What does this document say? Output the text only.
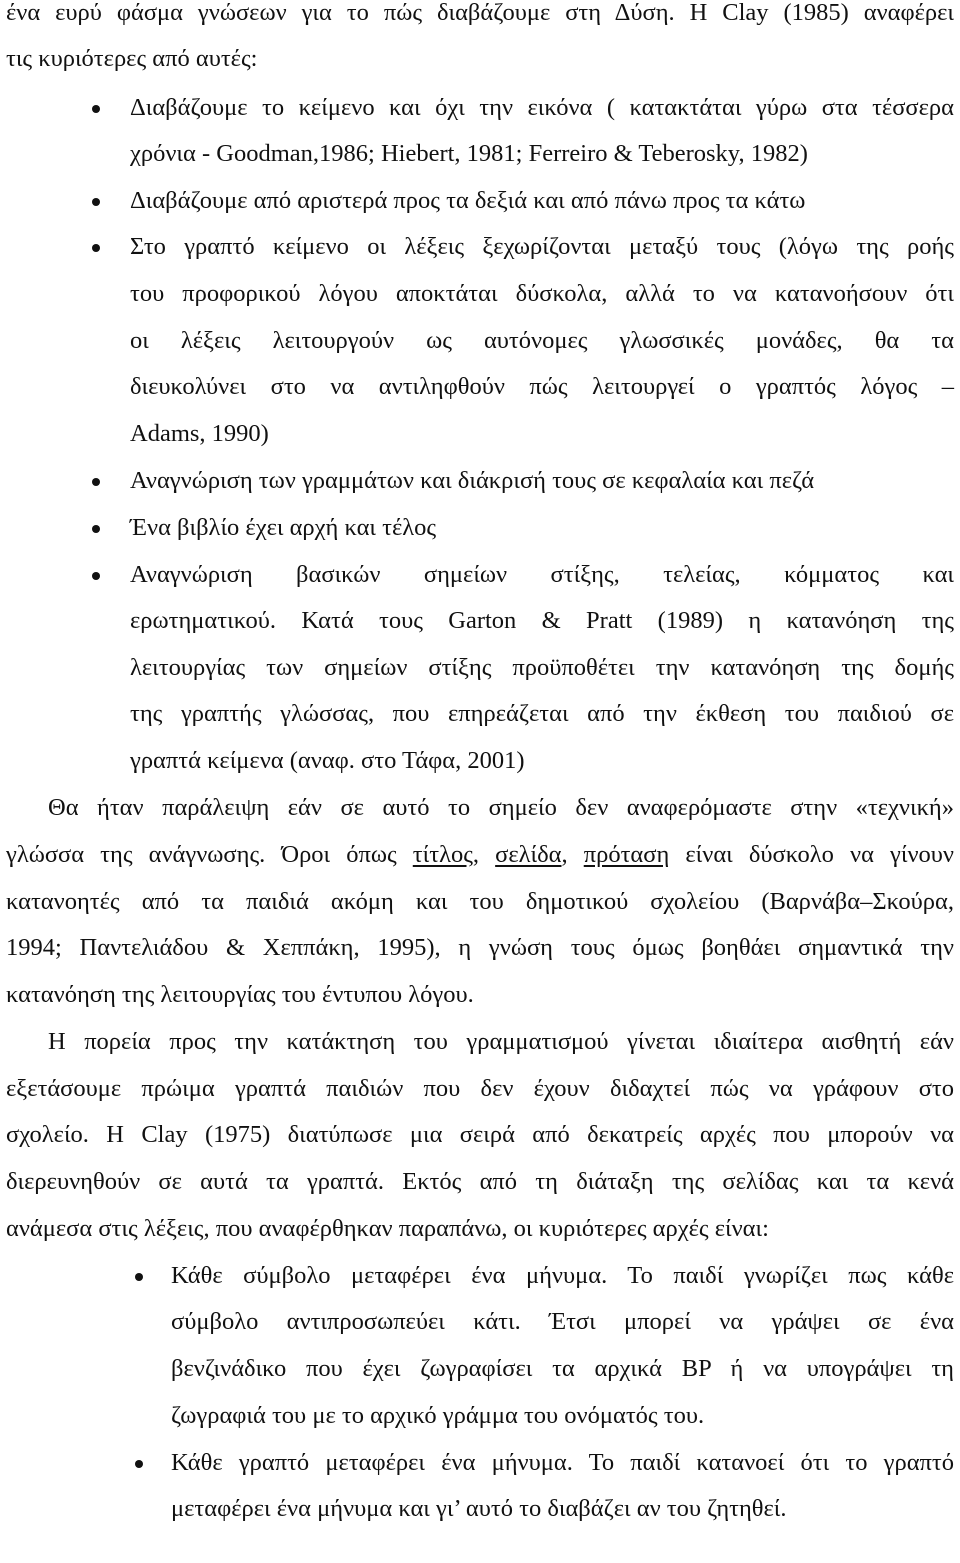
ένα ευρύ φάσμα γνώσεων για το πώς διαβάζουμε στη Δύση. Η Clay (1985) αναφέρει
τις κυριότερες από αυτές:
Διαβάζουμε το κείμενο και όχι την εικόνα ( κατακτάται γύρω στα τέσσερα
χρόνια - Goodman,1986; Hiebert, 1981; Ferreiro & Teberosky, 1982)
Διαβάζουμε από αριστερά προς τα δεξιά και από πάνω προς τα κάτω
Στο γραπτό κείμενο οι λέξεις ξεχωρίζονται μεταξύ τους (λόγω της ροής
του προφορικού λόγου αποκτάται δύσκολα, αλλά το να κατανοήσουν ότι
οι λέξεις λειτουργούν ως αυτόνομες γλωσσικές μονάδες, θα τα
διευκολύνει στο να αντιληφθούν πώς λειτουργεί ο γραπτός λόγος –
Adams, 1990)
Αναγνώριση των γραμμάτων και διάκρισή τους σε κεφαλαία και πεζά
Ένα βιβλίο έχει αρχή και τέλος
Αναγνώριση βασικών σημείων στίξης, τελείας, κόμματος και
ερωτηματικού. Κατά τους Garton & Pratt (1989) η κατανόηση της
λειτουργίας των σημείων στίξης προϋποθέτει την κατανόηση της δομής
της γραπτής γλώσσας, που επηρεάζεται από την έκθεση του παιδιού σε
γραπτά κείμενα (αναφ. στο Τάφα, 2001)
Θα ήταν παράλειψη εάν σε αυτό το σημείο δεν αναφερόμαστε στην «τεχνική»
γλώσσα της ανάγνωσης. Όροι όπως τίτλος, σελίδα, πρόταση είναι δύσκολο να γίνουν
κατανοητές από τα παιδιά ακόμη και του δημοτικού σχολείου (Βαρνάβα–Σκούρα,
1994; Παντελιάδου & Χεππάκη, 1995), η γνώση τους όμως βοηθάει σημαντικά την
κατανόηση της λειτουργίας του έντυπου λόγου.
Η πορεία προς την κατάκτηση του γραμματισμού γίνεται ιδιαίτερα αισθητή εάν
εξετάσουμε πρώιμα γραπτά παιδιών που δεν έχουν διδαχτεί πώς να γράφουν στο
σχολείο. Η Clay (1975) διατύπωσε μια σειρά από δεκατρείς αρχές που μπορούν να
διερευνηθούν σε αυτά τα γραπτά. Εκτός από τη διάταξη της σελίδας και τα κενά
ανάμεσα στις λέξεις, που αναφέρθηκαν παραπάνω, οι κυριότερες αρχές είναι:
Κάθε σύμβολο μεταφέρει ένα μήνυμα. Το παιδί γνωρίζει πως κάθε
σύμβολο αντιπροσωπεύει κάτι. Έτσι μπορεί να γράψει σε ένα
βενζινάδικο που έχει ζωγραφίσει τα αρχικά BP ή να υπογράψει τη
ζωγραφιά του με το αρχικό γράμμα του ονόματός του.
Κάθε γραπτό μεταφέρει ένα μήνυμα. Το παιδί κατανοεί ότι το γραπτό
μεταφέρει ένα μήνυμα και γι’ αυτό το διαβάζει αν του ζητηθεί.
